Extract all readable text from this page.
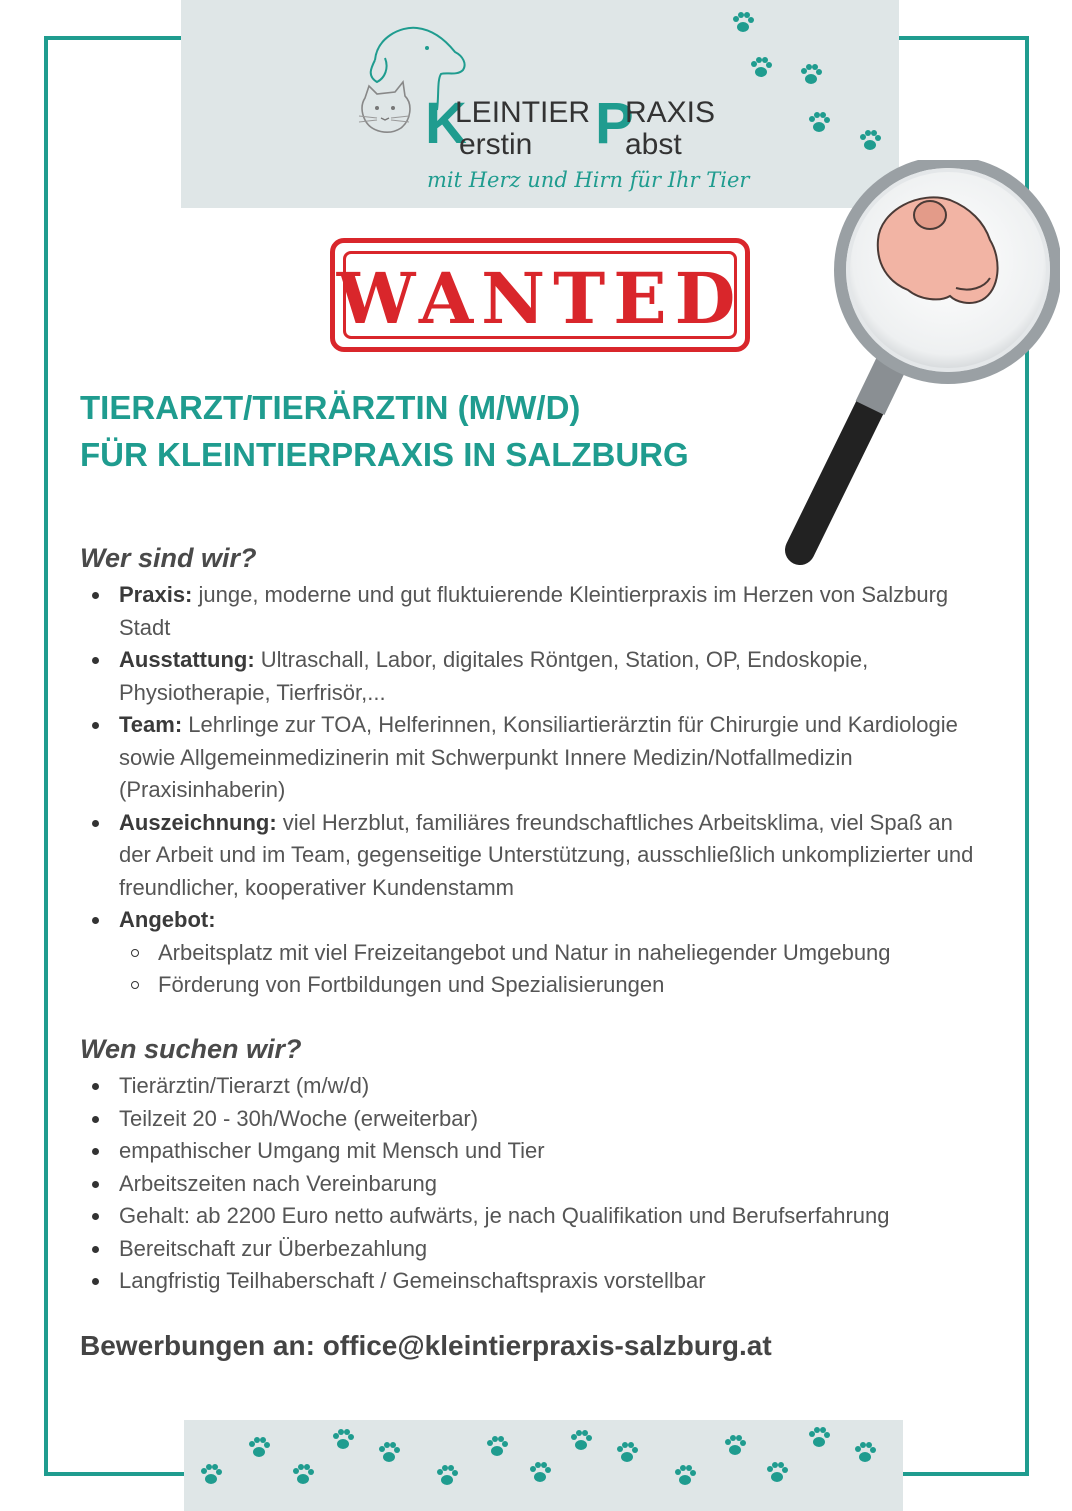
K
LEINTIER P
RAXIS
erstin	abst
mit Herz und Hirn für Ihr Tier
WANTED
TIERARZT/TIERÄRZTIN (M/W/D)
FÜR KLEINTIERPRAXIS IN SALZBURG
Wer sind wir?
Praxis: junge, moderne und gut fluktuierende Kleintierpraxis im Herzen von Salzburg Stadt
Ausstattung: Ultraschall, Labor, digitales Röntgen, Station, OP, Endoskopie, Physiotherapie, Tierfrisör,...
Team: Lehrlinge zur TOA, Helferinnen, Konsiliartierärztin für Chirurgie und Kardiologie sowie Allgemeinmedizinerin mit Schwerpunkt Innere Medizin/Notfallmedizin (Praxisinhaberin)
Auszeichnung: viel Herzblut, familiäres freundschaftliches Arbeitsklima, viel Spaß an der Arbeit und im Team, gegenseitige Unterstützung, ausschließlich unkomplizierter und freundlicher, kooperativer Kundenstamm
Angebot:
Arbeitsplatz mit viel Freizeitangebot und Natur in naheliegender Umgebung
Förderung von Fortbildungen und Spezialisierungen
Wen suchen wir?
Tierärztin/Tierarzt (m/w/d)
Teilzeit 20 - 30h/Woche (erweiterbar)
empathischer Umgang mit Mensch und Tier
Arbeitszeiten nach Vereinbarung
Gehalt: ab 2200 Euro netto aufwärts, je nach Qualifikation und Berufserfahrung
Bereitschaft zur Überbezahlung
Langfristig Teilhaberschaft / Gemeinschaftspraxis vorstellbar
Bewerbungen an: office@kleintierpraxis-salzburg.at
